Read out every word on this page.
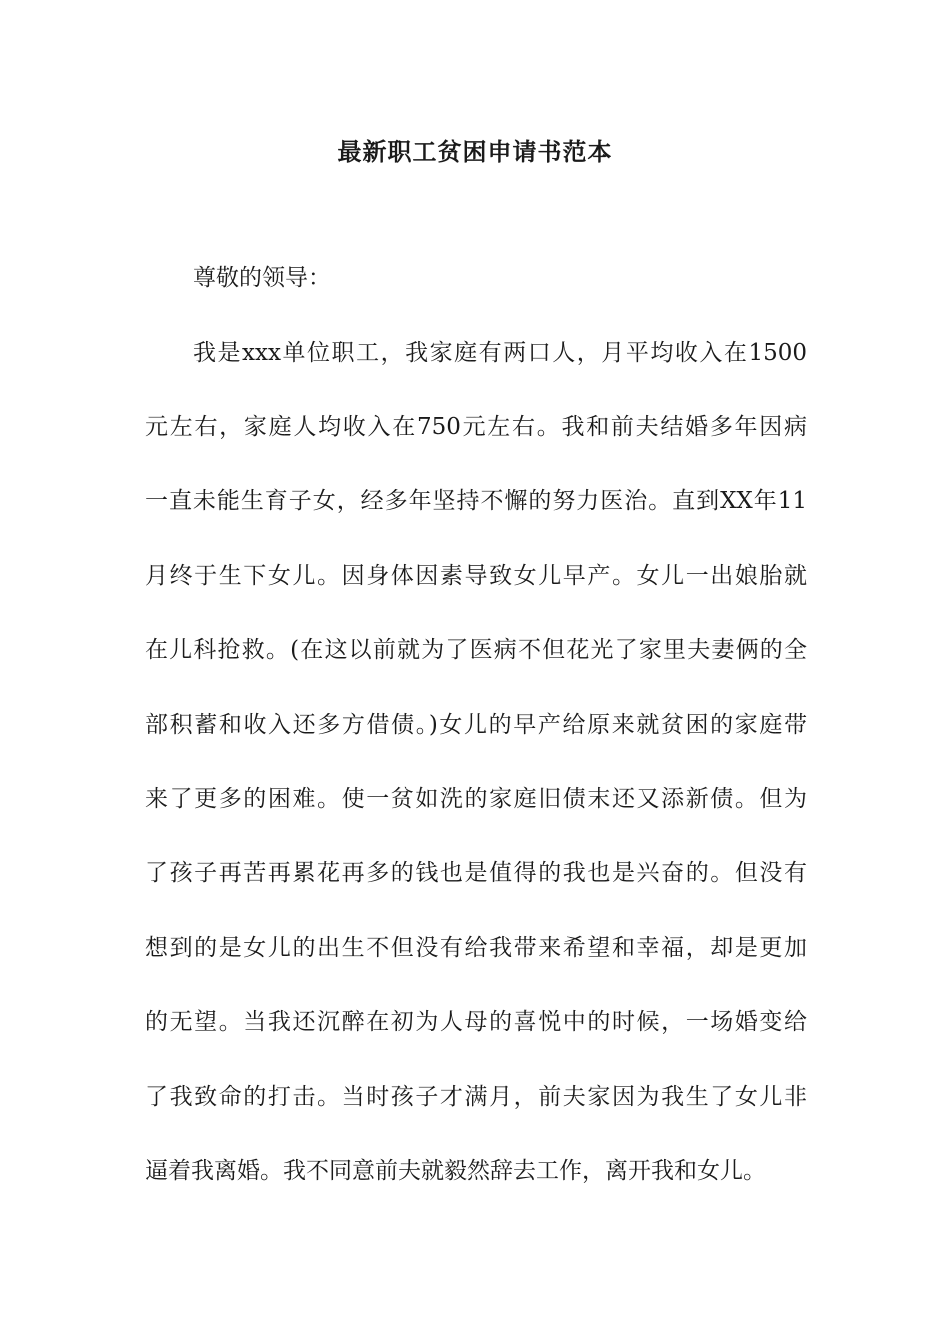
最新职工贫困申请书范本
尊敬的领导：
我是xxx单位职工，我家庭有两口人，月平均收入在1500
元左右，家庭人均收入在750元左右。我和前夫结婚多年因病
一直未能生育子女，经多年坚持不懈的努力医治。直到XX年11
月终于生下女儿。因身体因素导致女儿早产。女儿一出娘胎就
在儿科抢救。(在这以前就为了医病不但花光了家里夫妻俩的全
部积蓄和收入还多方借债。)女儿的早产给原来就贫困的家庭带
来了更多的困难。使一贫如洗的家庭旧债末还又添新债。但为
了孩子再苦再累花再多的钱也是值得的我也是兴奋的。但没有
想到的是女儿的出生不但没有给我带来希望和幸福，却是更加
的无望。当我还沉醉在初为人母的喜悦中的时候，一场婚变给
了我致命的打击。当时孩子才满月，前夫家因为我生了女儿非
逼着我离婚。我不同意前夫就毅然辞去工作，离开我和女儿。
